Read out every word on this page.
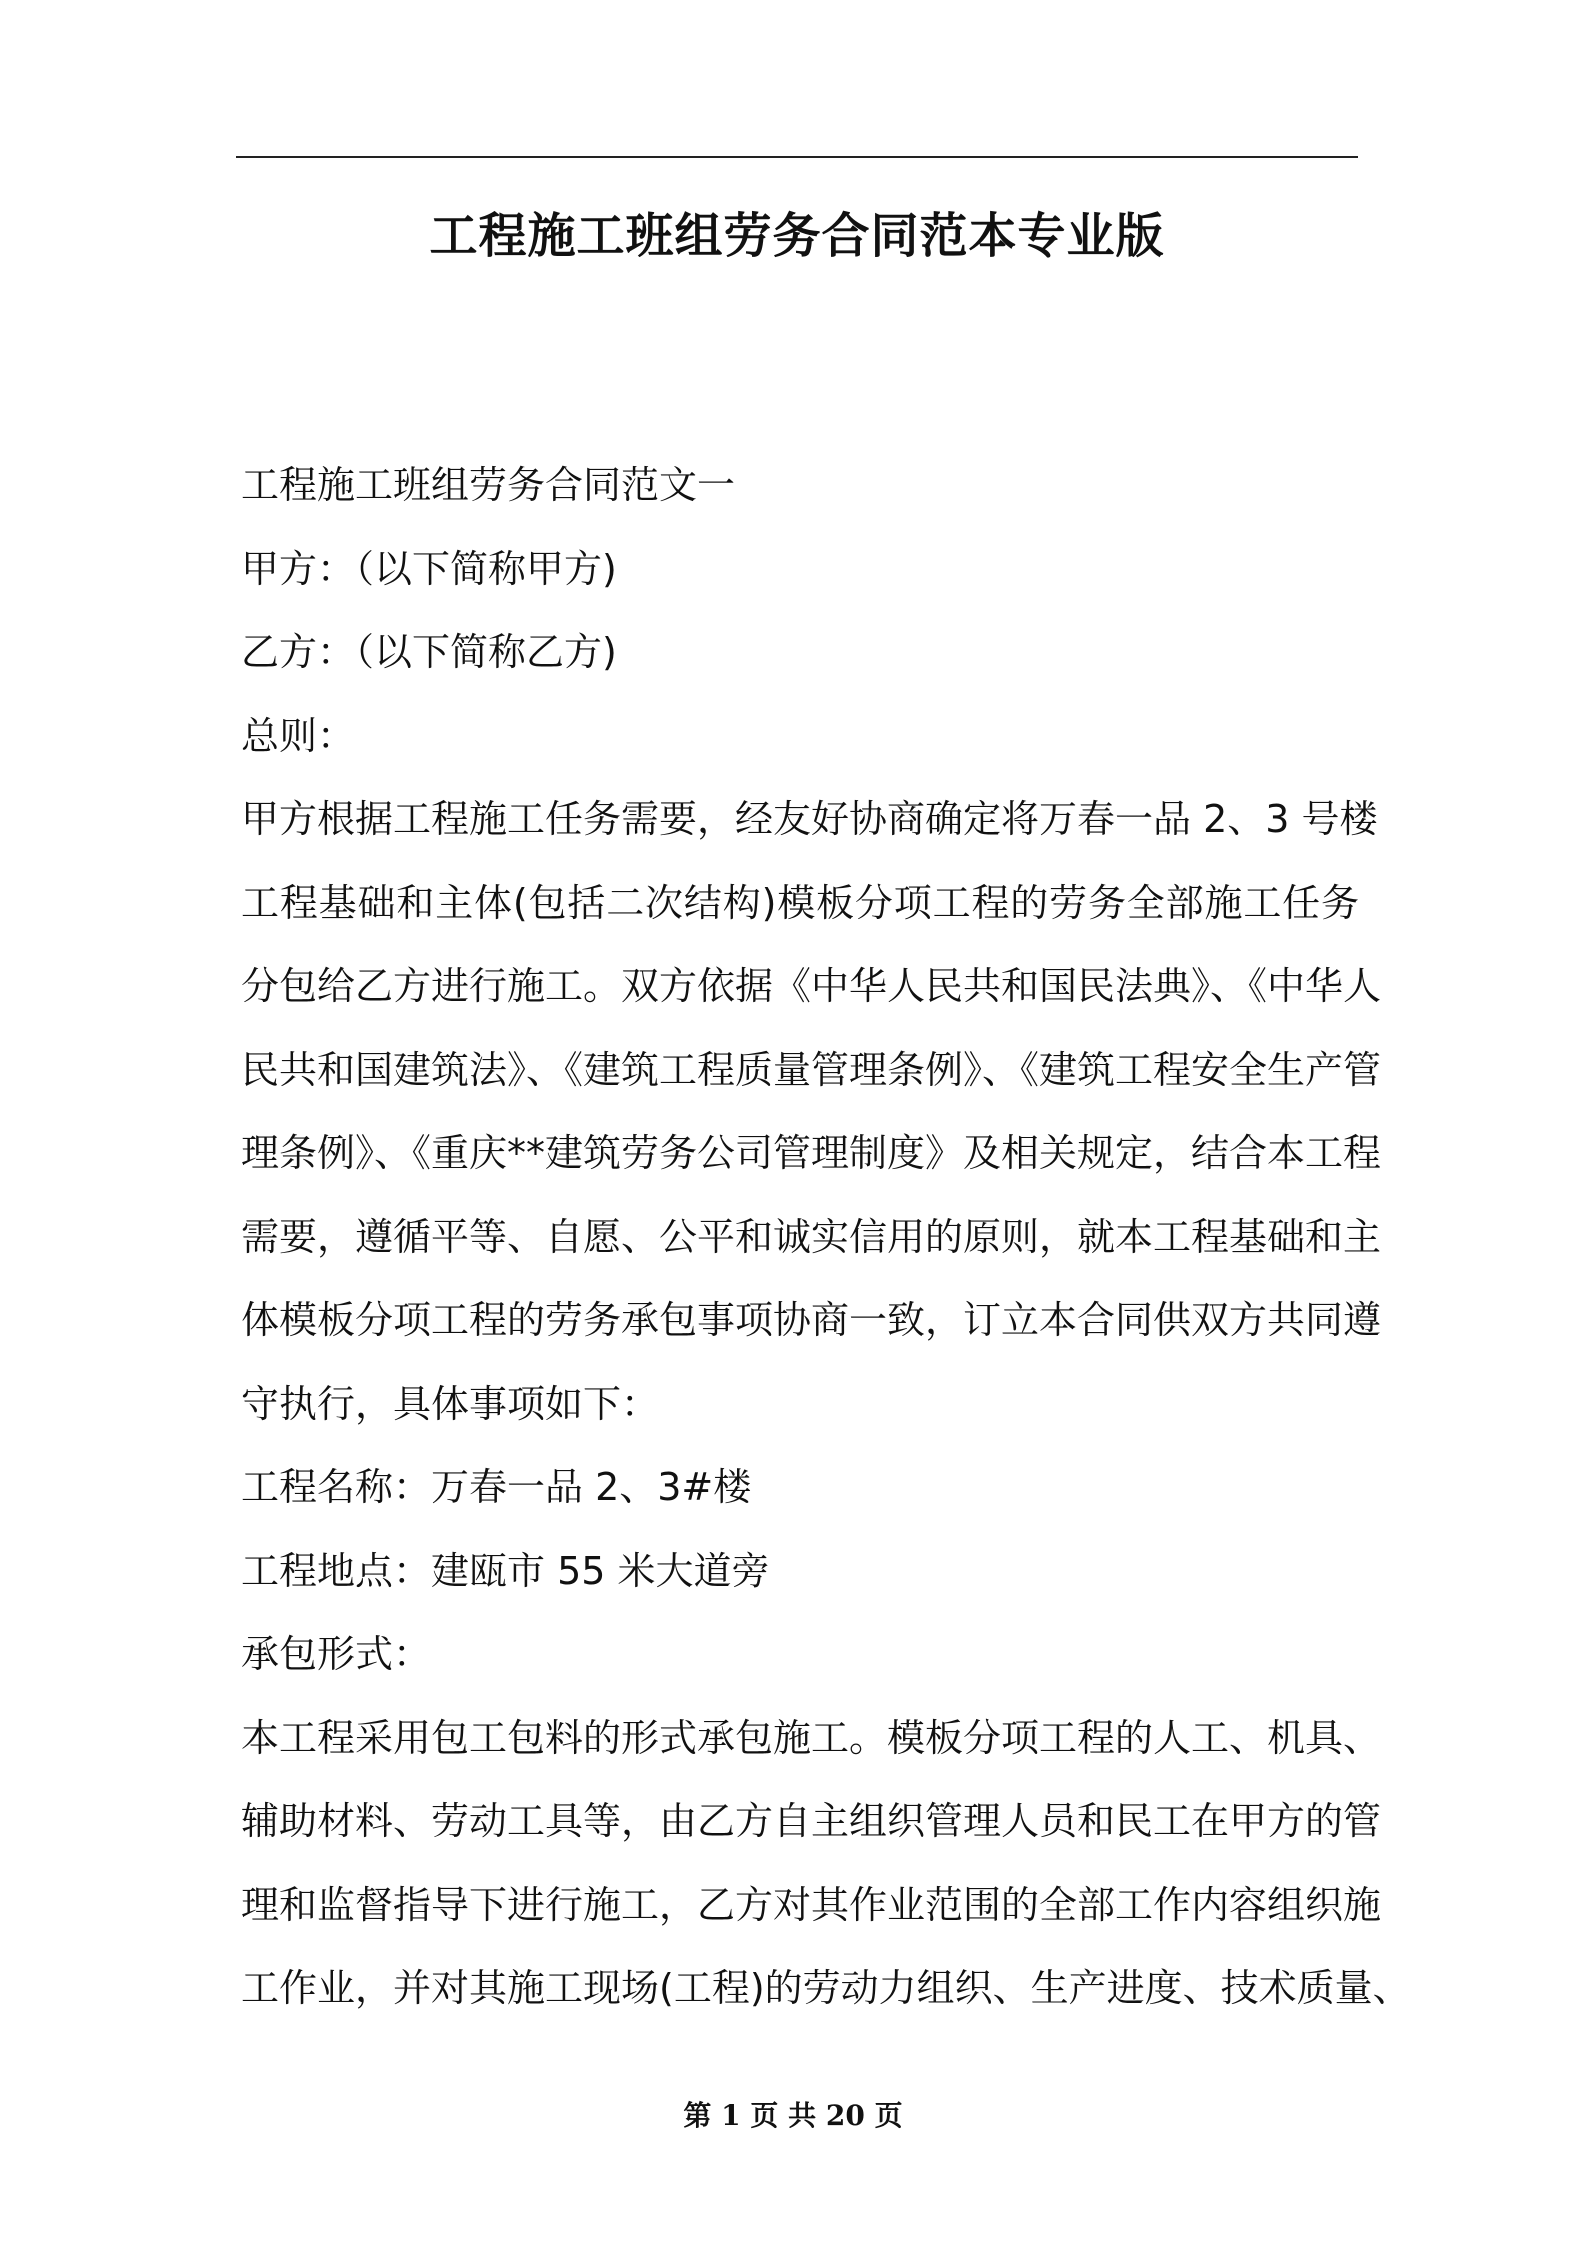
工程施工班组劳务合同范本专业版
工程施工班组劳务合同范文一
甲方：（以下简称甲方)
乙方：（以下简称乙方)
总则：
甲方根据工程施工任务需要，经友好协商确定将万春一品 2、3 号楼
工程基础和主体(包括二次结构)模板分项工程的劳务全部施工任务
分包给乙方进行施工。双方依据《中华人民共和国民法典》、《中华人
民共和国建筑法》、《建筑工程质量管理条例》、《建筑工程安全生产管
理条例》、《重庆**建筑劳务公司管理制度》及相关规定，结合本工程
需要，遵循平等、自愿、公平和诚实信用的原则，就本工程基础和主
体模板分项工程的劳务承包事项协商一致，订立本合同供双方共同遵
守执行，具体事项如下：
工程名称：万春一品 2、3#楼
工程地点：建瓯市 55 米大道旁
承包形式：
本工程采用包工包料的形式承包施工。模板分项工程的人工、机具、
辅助材料、劳动工具等，由乙方自主组织管理人员和民工在甲方的管
理和监督指导下进行施工，乙方对其作业范围的全部工作内容组织施
工作业，并对其施工现场(工程)的劳动力组织、生产进度、技术质量、
第 1 页 共 20 页
